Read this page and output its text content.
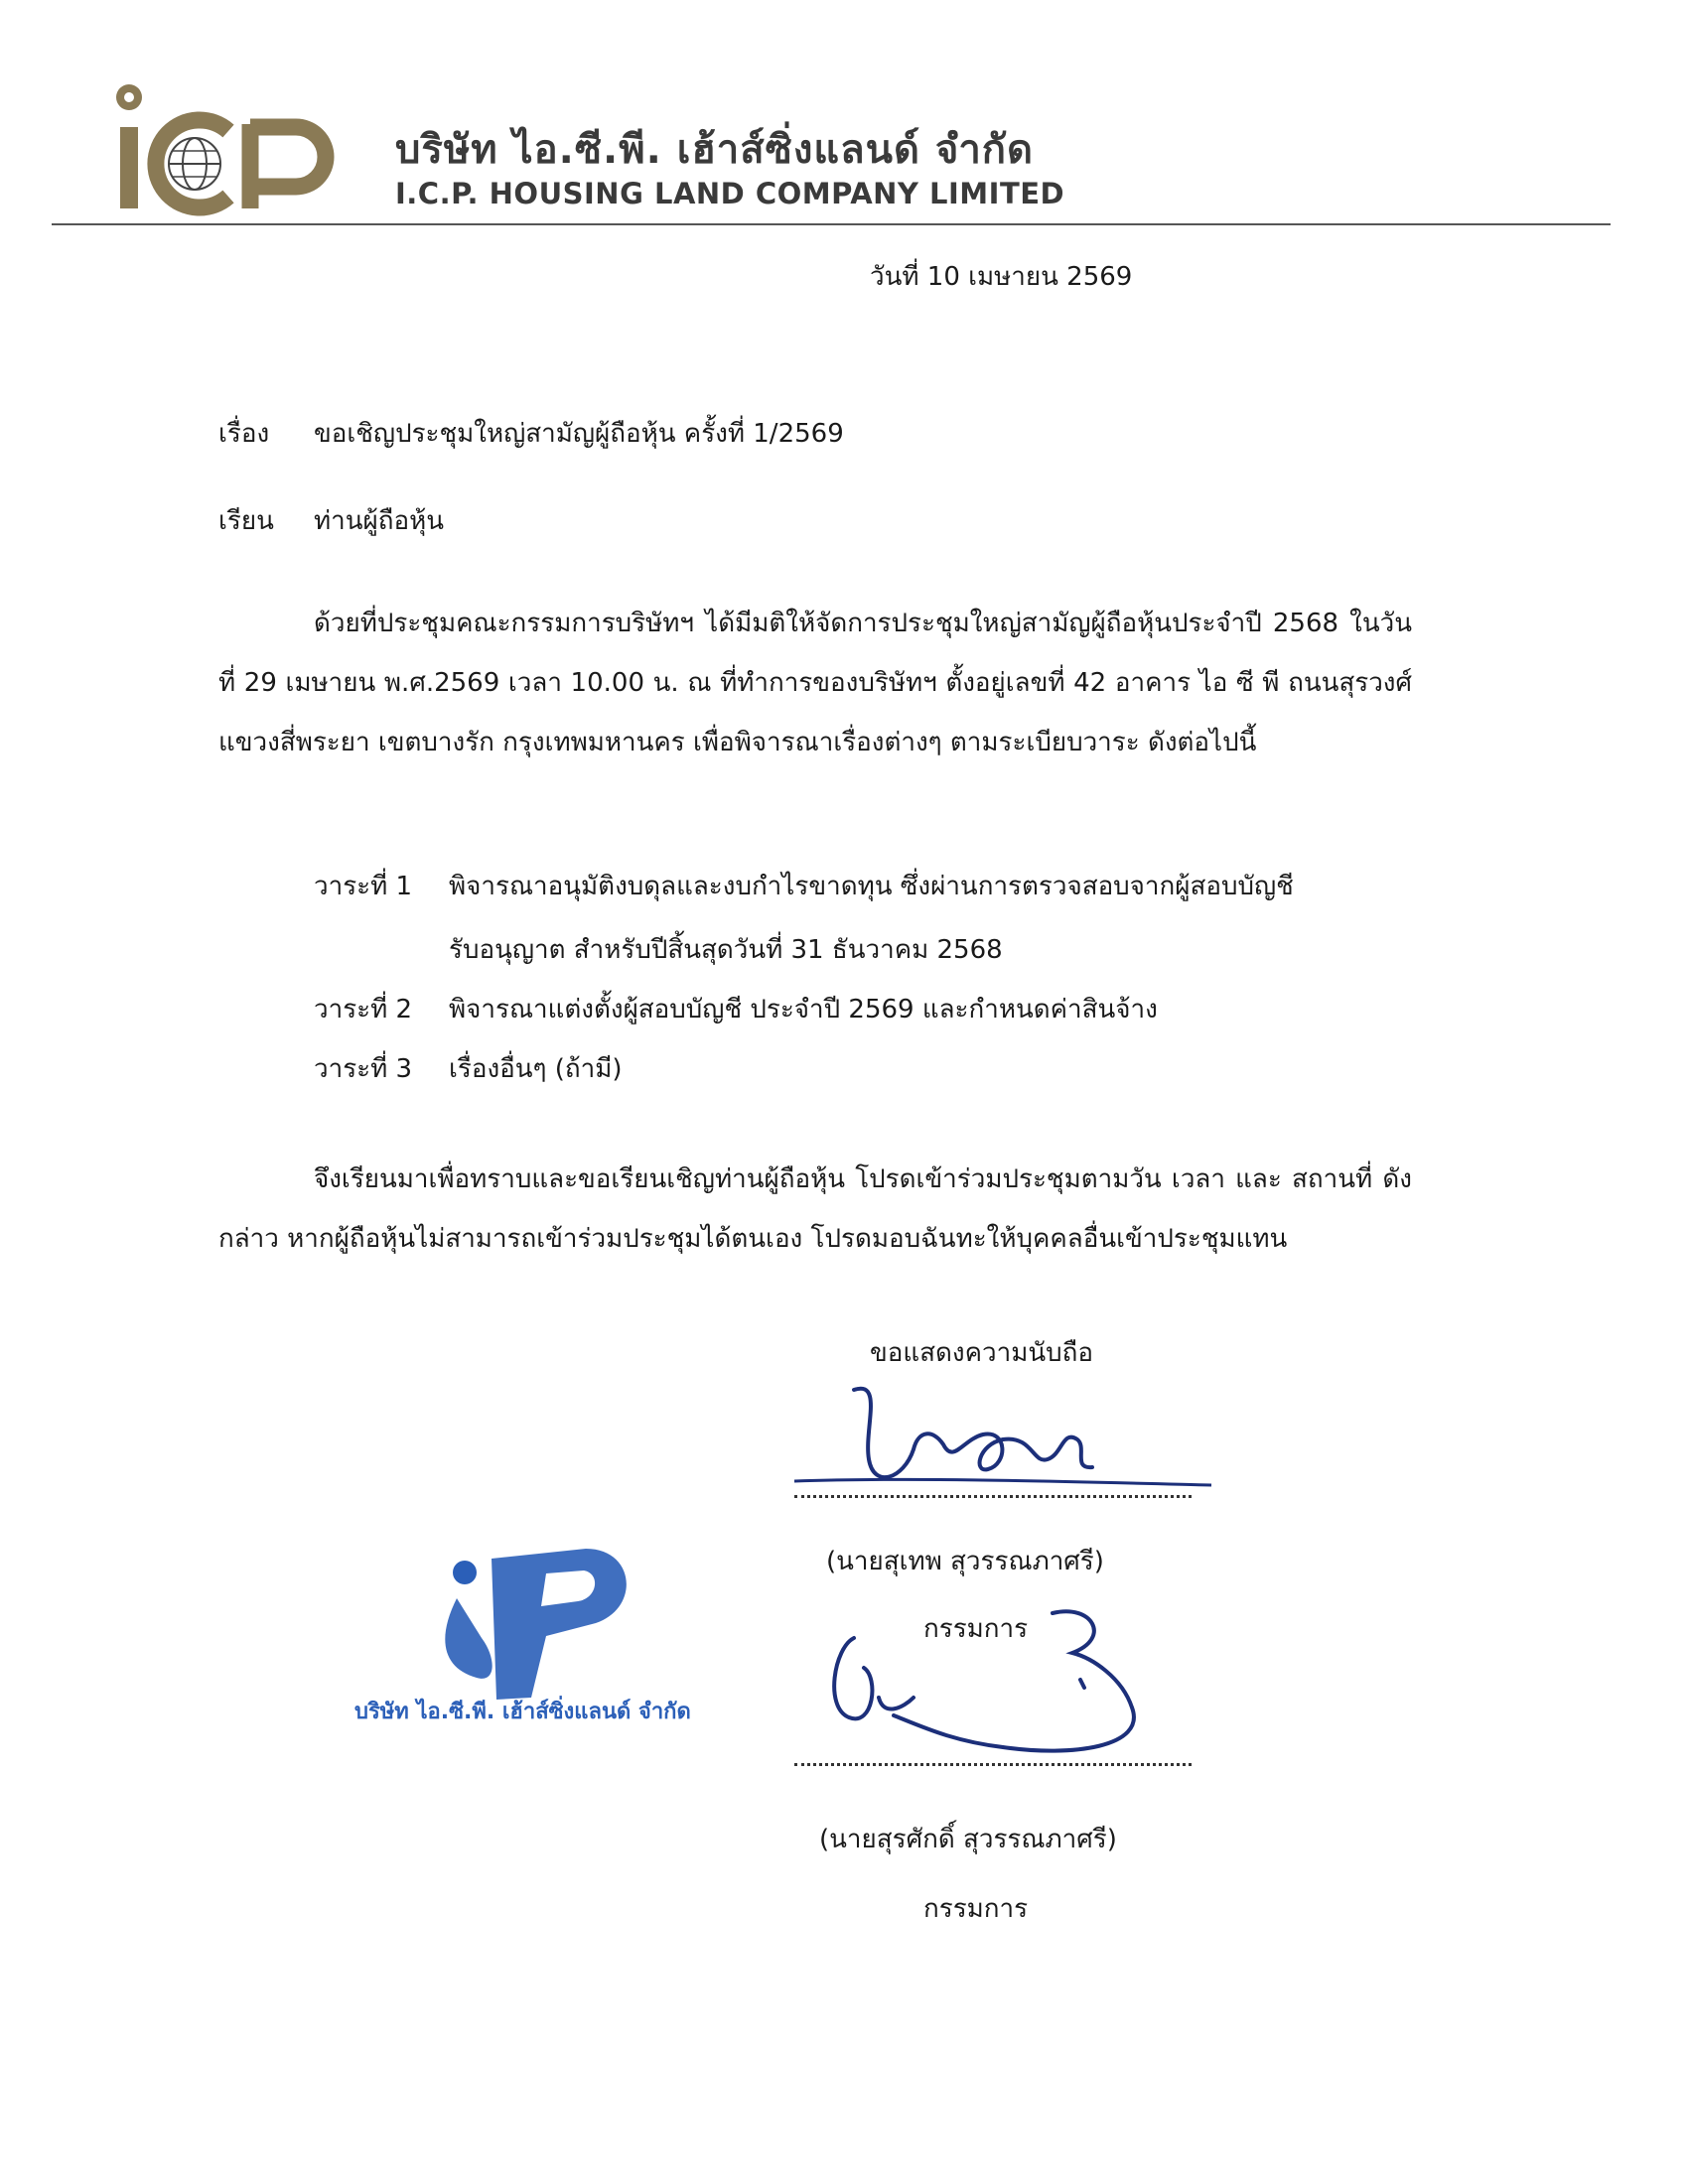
บริษัท ไอ.ซี.พี. เฮ้าส์ซิ่งแลนด์ จำกัด
I.C.P. HOUSING LAND COMPANY LIMITED
วันที่ 10 เมษายน 2569
เรื่อง ขอเชิญประชุมใหญ่สามัญผู้ถือหุ้น ครั้งที่ 1/2569
เรียน ท่านผู้ถือหุ้น
ด้วยที่ประชุมคณะกรรมการบริษัทฯ ได้มีมติให้จัดการประชุมใหญ่สามัญผู้ถือหุ้นประจำปี 2568 ในวันที่ 29 เมษายน พ.ศ.2569 เวลา 10.00 น. ณ ที่ทำการของบริษัทฯ ตั้งอยู่เลขที่ 42 อาคาร ไอ ซี พี ถนนสุรวงศ์ แขวงสี่พระยา เขตบางรัก กรุงเทพมหานคร เพื่อพิจารณาเรื่องต่างๆ ตามระเบียบวาระ ดังต่อไปนี้
วาระที่ 1 พิจารณาอนุมัติงบดุลและงบกำไรขาดทุน ซึ่งผ่านการตรวจสอบจากผู้สอบบัญชี
รับอนุญาต สำหรับปีสิ้นสุดวันที่ 31 ธันวาคม 2568
วาระที่ 2 พิจารณาแต่งตั้งผู้สอบบัญชี ประจำปี 2569 และกำหนดค่าสินจ้าง
วาระที่ 3 เรื่องอื่นๆ (ถ้ามี)
จึงเรียนมาเพื่อทราบและขอเรียนเชิญท่านผู้ถือหุ้น โปรดเข้าร่วมประชุมตามวัน เวลา และ สถานที่ ดังกล่าว หากผู้ถือหุ้นไม่สามารถเข้าร่วมประชุมได้ตนเอง โปรดมอบฉันทะให้บุคคลอื่นเข้าประชุมแทน
ขอแสดงความนับถือ
(นายสุเทพ สุวรรณภาศรี)
กรรมการ
บริษัท ไอ.ซี.พี. เฮ้าส์ซิ่งแลนด์ จำกัด
(นายสุรศักดิ์ สุวรรณภาศรี)
กรรมการ
